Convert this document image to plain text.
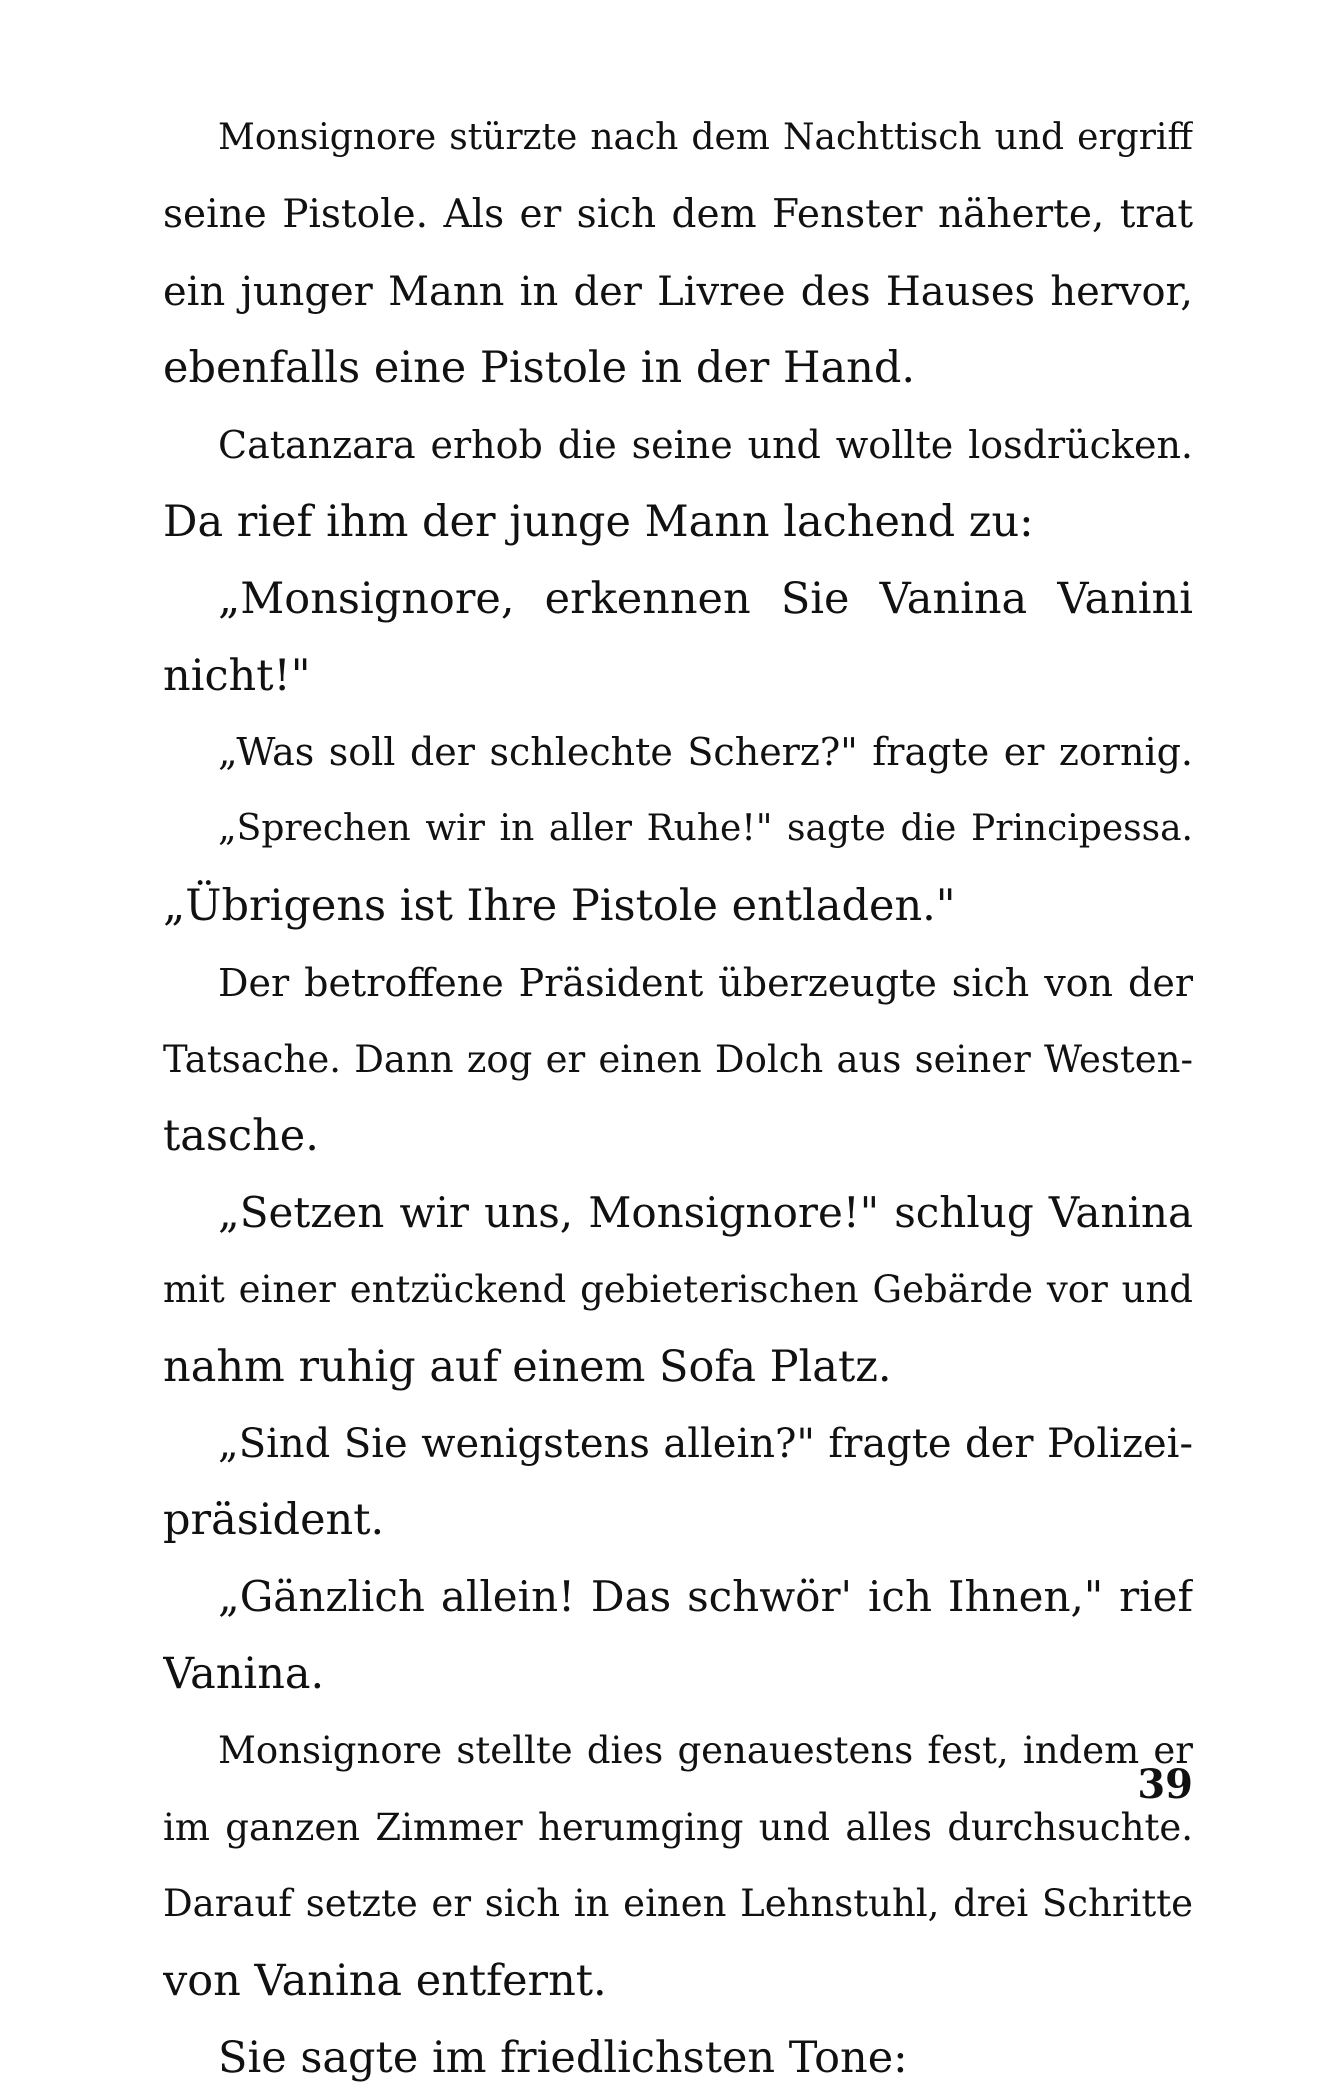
Monsignore stürzte nach dem Nachttisch und ergriff
seine Pistole. Als er sich dem Fenster näherte, trat
ein junger Mann in der Livree des Hauses hervor,
ebenfalls eine Pistole in der Hand.
Catanzara erhob die seine und wollte losdrücken.
Da rief ihm der junge Mann lachend zu:
„Monsignore, erkennen Sie Vanina Vanini
nicht!"
„Was soll der schlechte Scherz?" fragte er zornig.
„Sprechen wir in aller Ruhe!" sagte die Principessa.
„Übrigens ist Ihre Pistole entladen."
Der betroffene Präsident überzeugte sich von der
Tatsache. Dann zog er einen Dolch aus seiner Westen-
tasche.
„Setzen wir uns, Monsignore!" schlug Vanina
mit einer entzückend gebieterischen Gebärde vor und
nahm ruhig auf einem Sofa Platz.
„Sind Sie wenigstens allein?" fragte der Polizei-
präsident.
„Gänzlich allein! Das schwör' ich Ihnen," rief
Vanina.
Monsignore stellte dies genauestens fest, indem er
im ganzen Zimmer herumging und alles durchsuchte.
Darauf setzte er sich in einen Lehnstuhl, drei Schritte
von Vanina entfernt.
Sie sagte im friedlichsten Tone:
39
